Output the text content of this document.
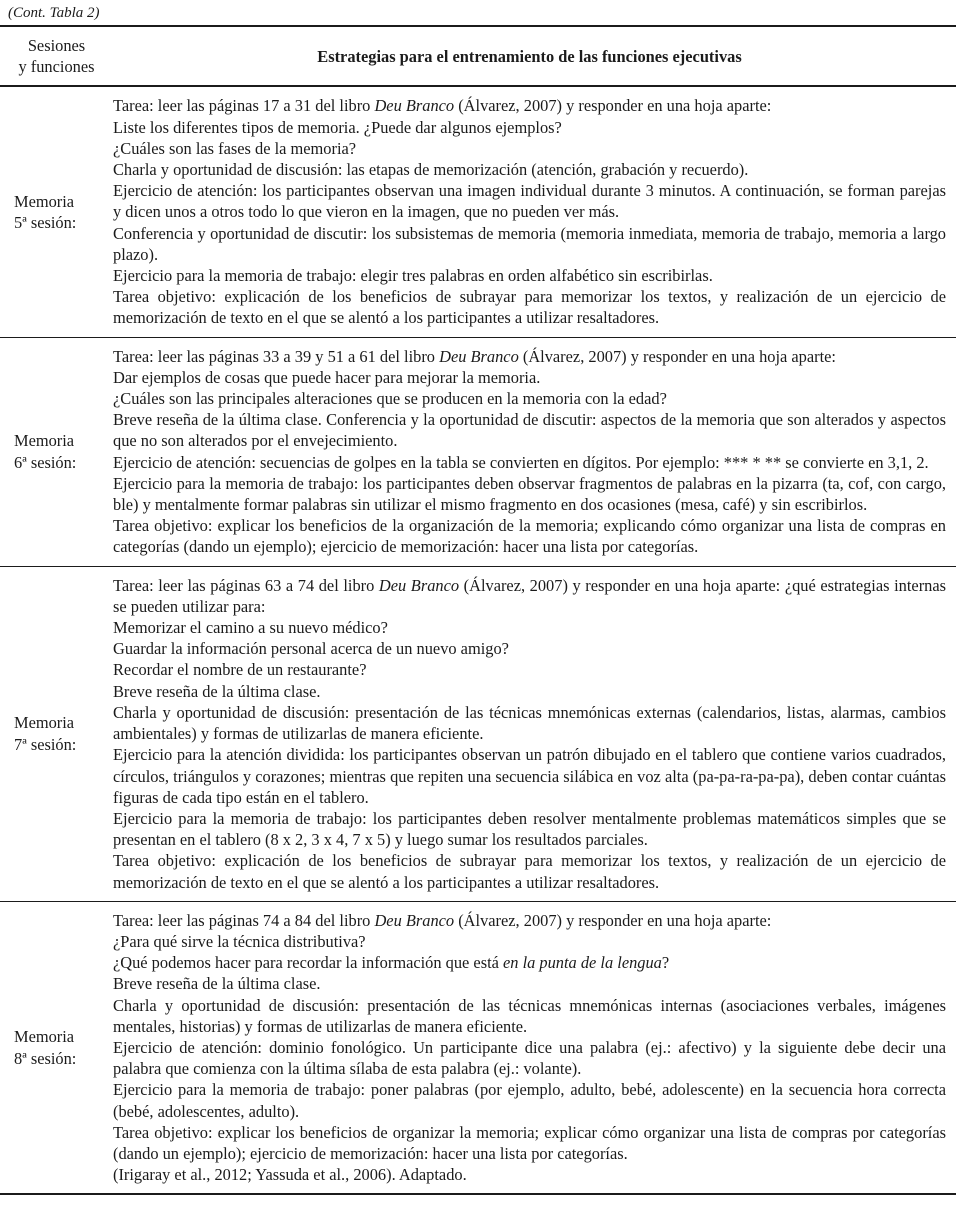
(Cont. Tabla 2)
Sesiones
y funciones
Estrategias para el entrenamiento de las funciones ejecutivas
Memoria
5ª sesión:

Tarea: leer las páginas 17 a 31 del libro Deu Branco (Álvarez, 2007) y responder en una hoja aparte:

Liste los diferentes tipos de memoria. ¿Puede dar algunos ejemplos?

¿Cuáles son las fases de la memoria?

Charla y oportunidad de discusión: las etapas de memorización (atención, grabación y recuerdo).

Ejercicio de atención: los participantes observan una imagen individual durante 3 minutos. A continuación, se forman parejas y dicen unos a otros todo lo que vieron en la imagen, que no pueden ver más.

Conferencia y oportunidad de discutir: los subsistemas de memoria (memoria inmediata, memoria de trabajo, memoria a largo plazo).

Ejercicio para la memoria de trabajo: elegir tres palabras en orden alfabético sin escribirlas.

Tarea objetivo: explicación de los beneficios de subrayar para memorizar los textos, y realización de un ejercicio de memorización de texto en el que se alentó a los participantes a utilizar resaltadores.

Memoria
6ª sesión:

Tarea: leer las páginas 33 a 39 y 51 a 61 del libro Deu Branco (Álvarez, 2007) y responder en una hoja aparte:

Dar ejemplos de cosas que puede hacer para mejorar la memoria.

¿Cuáles son las principales alteraciones que se producen en la memoria con la edad?

Breve reseña de la última clase. Conferencia y la oportunidad de discutir: aspectos de la memoria que son alterados y aspectos que no son alterados por el envejecimiento.

Ejercicio de atención: secuencias de golpes en la tabla se convierten en dígitos. Por ejemplo: *** * ** se convierte en 3,1, 2.

Ejercicio para la memoria de trabajo: los participantes deben observar fragmentos de palabras en la pizarra (ta, cof, con cargo, ble) y mentalmente formar palabras sin utilizar el mismo fragmento en dos ocasiones (mesa, café) y sin escribirlos.

Tarea objetivo: explicar los beneficios de la organización de la memoria; explicando cómo organizar una lista de compras en categorías (dando un ejemplo); ejercicio de memorización: hacer una lista por categorías.

Memoria
7ª sesión:

Tarea: leer las páginas 63 a 74 del libro Deu Branco (Álvarez, 2007) y responder en una hoja aparte: ¿qué estrategias internas se pueden utilizar para:

Memorizar el camino a su nuevo médico?

Guardar la información personal acerca de un nuevo amigo?

Recordar el nombre de un restaurante?

Breve reseña de la última clase.

Charla y oportunidad de discusión: presentación de las técnicas mnemónicas externas (calendarios, listas, alarmas, cambios ambientales) y formas de utilizarlas de manera eficiente.

Ejercicio para la atención dividida: los participantes observan un patrón dibujado en el tablero que contiene varios cuadrados, círculos, triángulos y corazones; mientras que repiten una secuencia silábica en voz alta (pa-pa-ra-pa-pa), deben contar cuántas figuras de cada tipo están en el tablero.

Ejercicio para la memoria de trabajo: los participantes deben resolver mentalmente problemas matemáticos simples que se presentan en el tablero (8 x 2, 3 x 4, 7 x 5) y luego sumar los resultados parciales.

Tarea objetivo: explicación de los beneficios de subrayar para memorizar los textos, y realización de un ejercicio de memorización de texto en el que se alentó a los participantes a utilizar resaltadores.

Memoria
8ª sesión:

Tarea: leer las páginas 74 a 84 del libro Deu Branco (Álvarez, 2007) y responder en una hoja aparte:

¿Para qué sirve la técnica distributiva?

¿Qué podemos hacer para recordar la información que está en la punta de la lengua?

Breve reseña de la última clase.

Charla y oportunidad de discusión: presentación de las técnicas mnemónicas internas (asociaciones verbales, imágenes mentales, historias) y formas de utilizarlas de manera eficiente.

Ejercicio de atención: dominio fonológico. Un participante dice una palabra (ej.: afectivo) y la siguiente debe decir una palabra que comienza con la última sílaba de esta palabra (ej.: volante).

Ejercicio para la memoria de trabajo: poner palabras (por ejemplo, adulto, bebé, adolescente) en la secuencia hora correcta (bebé, adolescentes, adulto).

Tarea objetivo: explicar los beneficios de organizar la memoria; explicar cómo organizar una lista de compras por categorías (dando un ejemplo); ejercicio de memorización: hacer una lista por categorías.

(Irigaray et al., 2012; Yassuda et al., 2006). Adaptado.
